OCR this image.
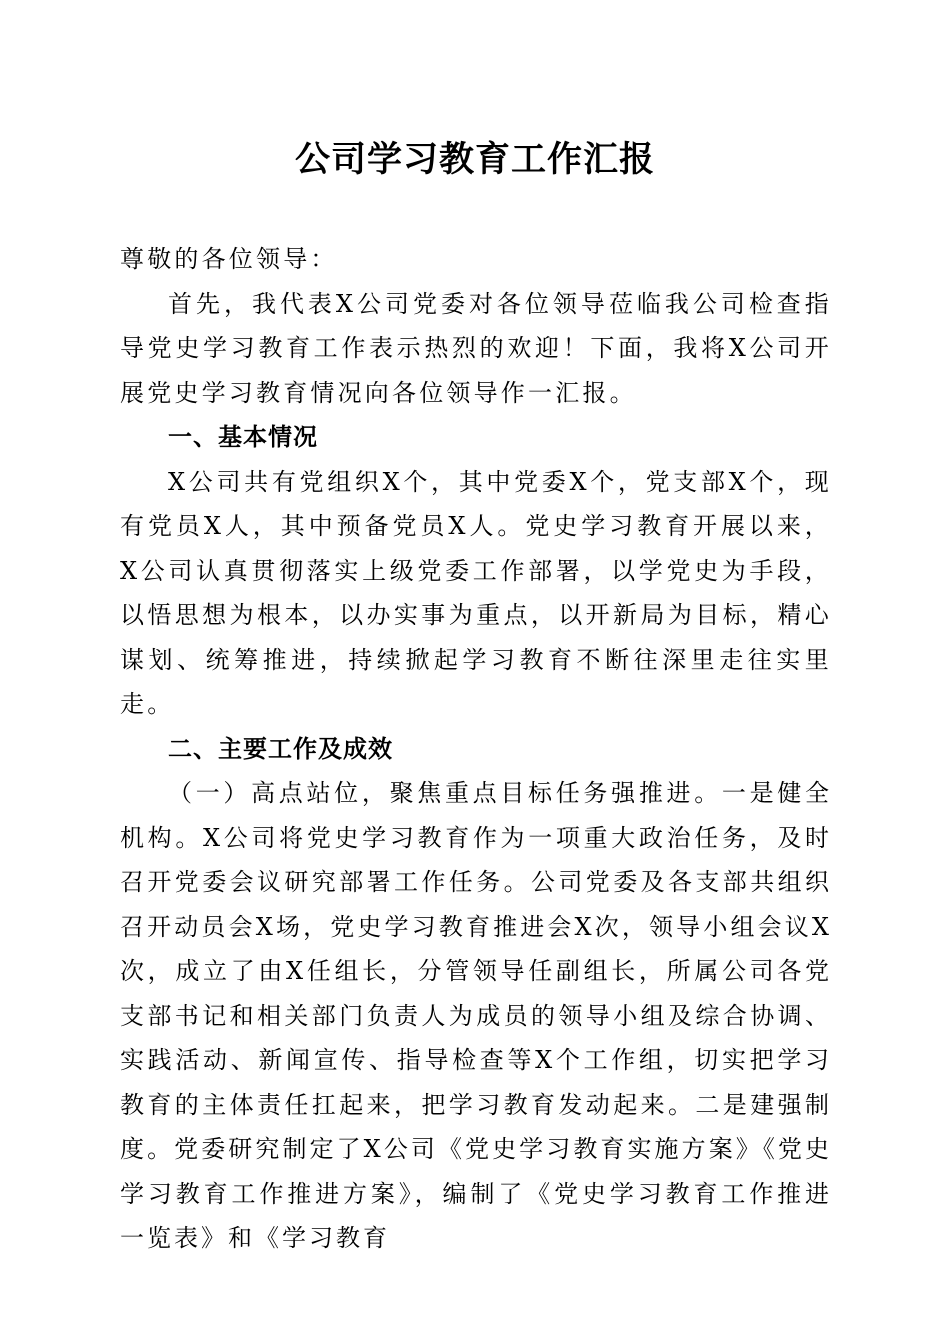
公司学习教育工作汇报

尊敬的各位领导：

首先，我代表X公司党委对各位领导莅临我公司检查指导党史学习教育工作表示热烈的欢迎！下面，我将X公司开展党史学习教育情况向各位领导作一汇报。

一、基本情况

X公司共有党组织X个，其中党委X个，党支部X个，现有党员X人，其中预备党员X人。党史学习教育开展以来，X公司认真贯彻落实上级党委工作部署，以学党史为手段，以悟思想为根本，以办实事为重点，以开新局为目标，精心谋划、统筹推进，持续掀起学习教育不断往深里走往实里走。

二、主要工作及成效

（一）高点站位，聚焦重点目标任务强推进。一是健全机构。X公司将党史学习教育作为一项重大政治任务，及时召开党委会议研究部署工作任务。公司党委及各支部共组织召开动员会X场，党史学习教育推进会X次，领导小组会议X次，成立了由X任组长，分管领导任副组长，所属公司各党支部书记和相关部门负责人为成员的领导小组及综合协调、实践活动、新闻宣传、指导检查等X个工作组，切实把学习教育的主体责任扛起来，把学习教育发动起来。二是建强制度。党委研究制定了X公司《党史学习教育实施方案》《党史学习教育工作推进方案》，编制了《党史学习教育工作推进一览表》和《学习教育
